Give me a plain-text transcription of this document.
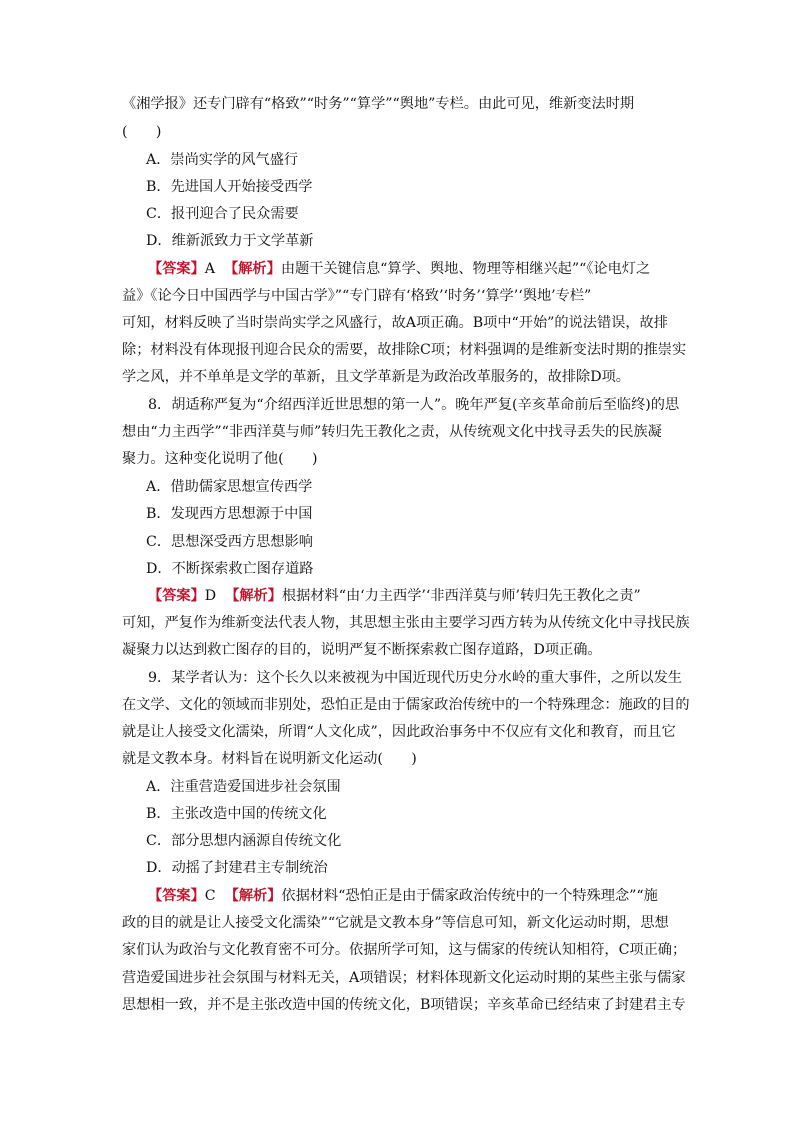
《湘学报》还专门辟有“格致”“时务”“算学”“舆地”专栏。由此可见，维新变法时期
(　　)
A．崇尚实学的风气盛行
B．先进国人开始接受西学
C．报刊迎合了民众需要
D．维新派致力于文学革新
【答案】A 【解析】由题干关键信息“算学、舆地、物理等相继兴起”“《论电灯之
益》《论今日中国西学与中国古学》”“专门辟有‘格致’‘时务’‘算学’‘舆地’专栏”
可知，材料反映了当时崇尚实学之风盛行，故A项正确。B项中“开始”的说法错误，故排
除；材料没有体现报刊迎合民众的需要，故排除C项；材料强调的是维新变法时期的推崇实
学之风，并不单单是文学的革新，且文学革新是为政治改革服务的，故排除D项。
8．胡适称严复为“介绍西洋近世思想的第一人”。晚年严复(辛亥革命前后至临终)的思
想由“力主西学”“非西洋莫与师”转归先王教化之责，从传统观文化中找寻丢失的民族凝
聚力。这种变化说明了他(　　)
A．借助儒家思想宣传西学
B．发现西方思想源于中国
C．思想深受西方思想影响
D．不断探索救亡图存道路
【答案】D 【解析】根据材料“由‘力主西学’‘非西洋莫与师’转归先王教化之责”
可知，严复作为维新变法代表人物，其思想主张由主要学习西方转为从传统文化中寻找民族
凝聚力以达到救亡图存的目的，说明严复不断探索救亡图存道路，D项正确。
9．某学者认为：这个长久以来被视为中国近现代历史分水岭的重大事件，之所以发生
在文学、文化的领域而非别处，恐怕正是由于儒家政治传统中的一个特殊理念：施政的目的
就是让人接受文化濡染，所谓“人文化成”，因此政治事务中不仅应有文化和教育，而且它
就是文教本身。材料旨在说明新文化运动(　　)
A．注重营造爱国进步社会氛围
B．主张改造中国的传统文化
C．部分思想内涵源自传统文化
D．动摇了封建君主专制统治
【答案】C 【解析】依据材料“恐怕正是由于儒家政治传统中的一个特殊理念”“施
政的目的就是让人接受文化濡染”“它就是文教本身”等信息可知，新文化运动时期，思想
家们认为政治与文化教育密不可分。依据所学可知，这与儒家的传统认知相符，C项正确；
营造爱国进步社会氛围与材料无关，A项错误；材料体现新文化运动时期的某些主张与儒家
思想相一致，并不是主张改造中国的传统文化，B项错误；辛亥革命已经结束了封建君主专
